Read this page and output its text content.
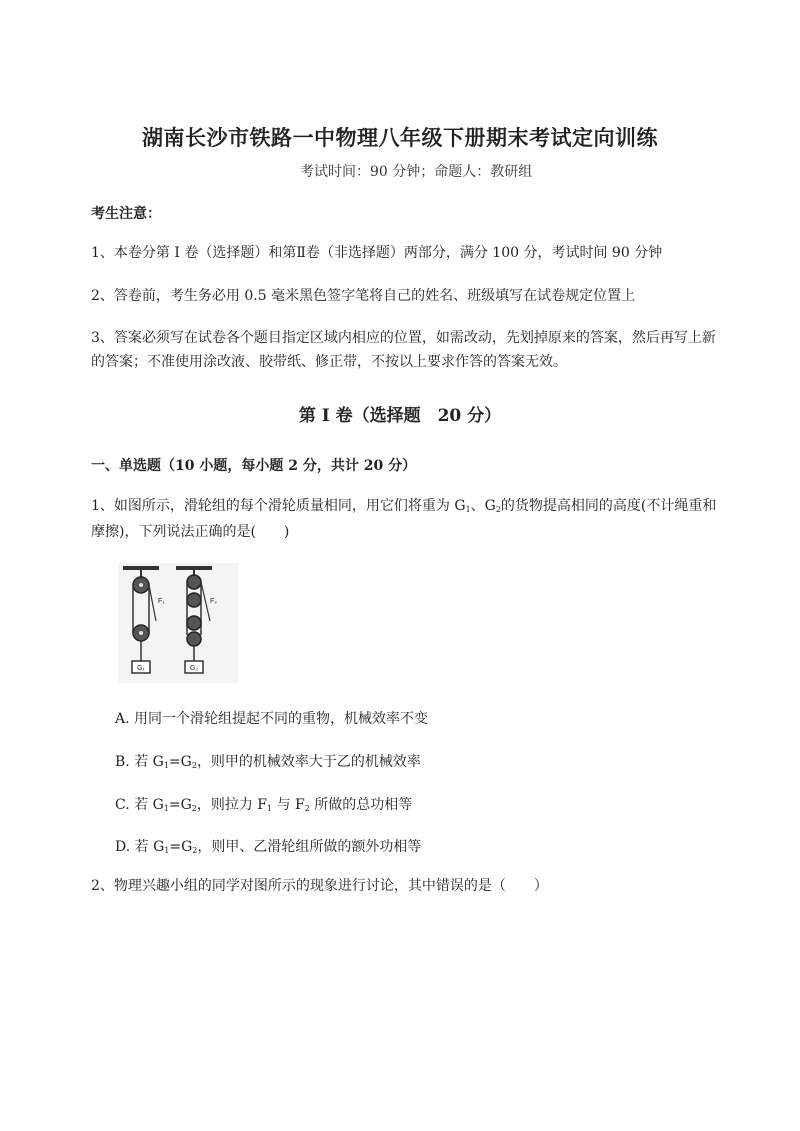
湖南长沙市铁路一中物理八年级下册期末考试定向训练
考试时间：90 分钟；命题人：教研组
考生注意：
1、本卷分第 I 卷（选择题）和第Ⅱ卷（非选择题）两部分，满分 100 分，考试时间 90 分钟
2、答卷前，考生务必用 0.5 毫米黑色签字笔将自己的姓名、班级填写在试卷规定位置上
3、答案必须写在试卷各个题目指定区域内相应的位置，如需改动，先划掉原来的答案，然后再写上新
的答案；不准使用涂改液、胶带纸、修正带，不按以上要求作答的答案无效。
第 I 卷（选择题　20 分）
一、单选题（10 小题，每小题 2 分，共计 20 分）
1、如图所示，滑轮组的每个滑轮质量相同，用它们将重为 $G_1$、$G_2$的货物提高相同的高度(不计绳重和
摩擦)，下列说法正确的是(　　)
G₁
F₁
G₂
F₂
A. 用同一个滑轮组提起不同的重物，机械效率不变
B. 若 $G_1=G_2$，则甲的机械效率大于乙的机械效率
C. 若 $G_1=G_2$，则拉力 $F_1$ 与 $F_2$ 所做的总功相等
D. 若 $G_1=G_2$，则甲、乙滑轮组所做的额外功相等
2、物理兴趣小组的同学对图所示的现象进行讨论，其中错误的是（　　）
